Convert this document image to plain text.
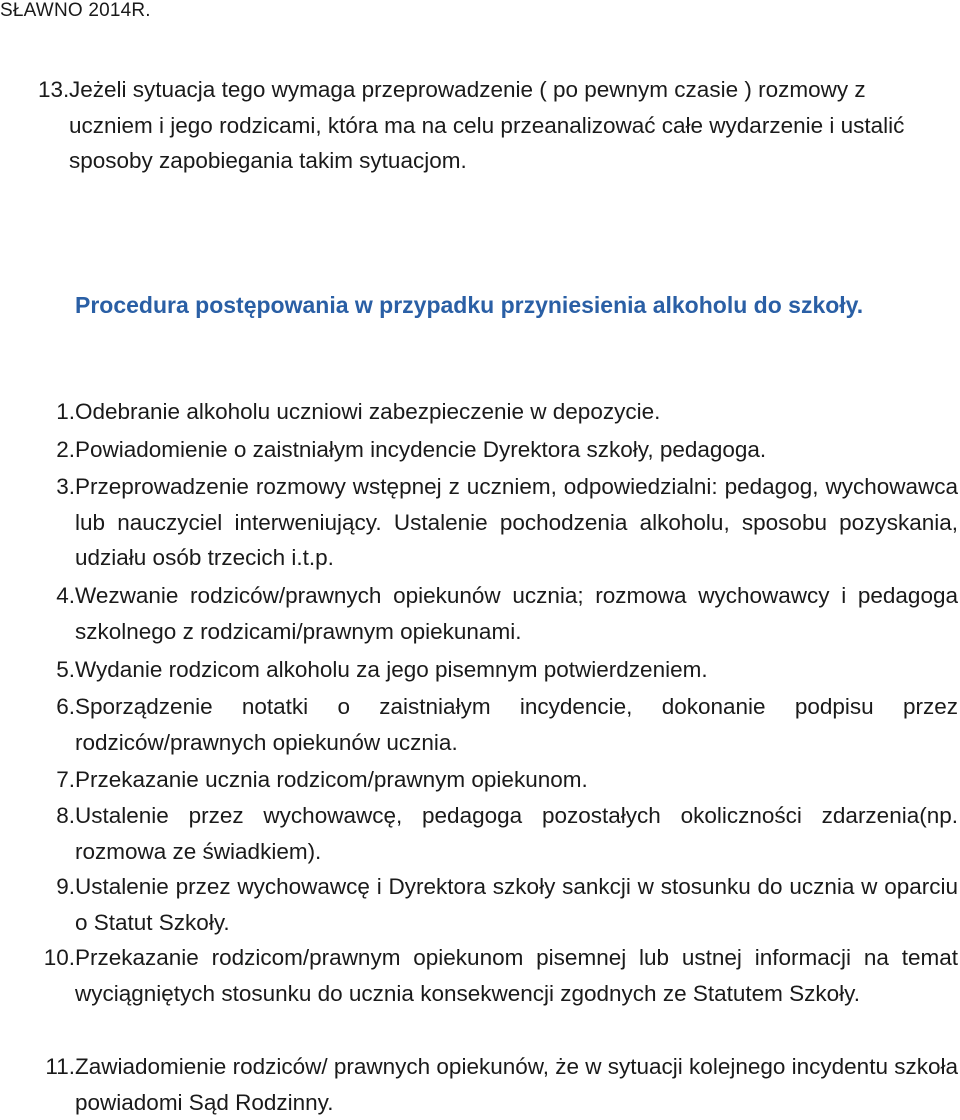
SŁAWNO 2014R.
13. Jeżeli sytuacja tego wymaga przeprowadzenie ( po pewnym czasie ) rozmowy z uczniem i jego rodzicami, która ma na celu przeanalizować całe wydarzenie i ustalić sposoby zapobiegania takim sytuacjom.
Procedura postępowania w przypadku przyniesienia alkoholu do szkoły.
1. Odebranie alkoholu uczniowi zabezpieczenie w depozycie.
2. Powiadomienie o zaistniałym incydencie Dyrektora szkoły, pedagoga.
3. Przeprowadzenie rozmowy wstępnej z uczniem, odpowiedzialni: pedagog, wychowawca lub nauczyciel interweniujący. Ustalenie pochodzenia alkoholu, sposobu pozyskania, udziału osób trzecich i.t.p.
4. Wezwanie rodziców/prawnych opiekunów ucznia; rozmowa wychowawcy i pedagoga szkolnego z rodzicami/prawnym opiekunami.
5. Wydanie rodzicom alkoholu za jego pisemnym potwierdzeniem.
6. Sporządzenie notatki o zaistniałym incydencie, dokonanie podpisu przez rodziców/prawnych opiekunów ucznia.
7. Przekazanie ucznia rodzicom/prawnym opiekunom.
8. Ustalenie przez wychowawcę, pedagoga pozostałych okoliczności zdarzenia(np. rozmowa ze świadkiem).
9. Ustalenie przez wychowawcę i Dyrektora szkoły sankcji w stosunku do ucznia w oparciu o Statut Szkoły.
10. Przekazanie rodzicom/prawnym opiekunom pisemnej lub ustnej informacji na temat wyciągniętych stosunku do ucznia konsekwencji zgodnych ze Statutem Szkoły.
11. Zawiadomienie rodziców/ prawnych opiekunów, że w sytuacji kolejnego incydentu szkoła powiadomi Sąd Rodzinny.
